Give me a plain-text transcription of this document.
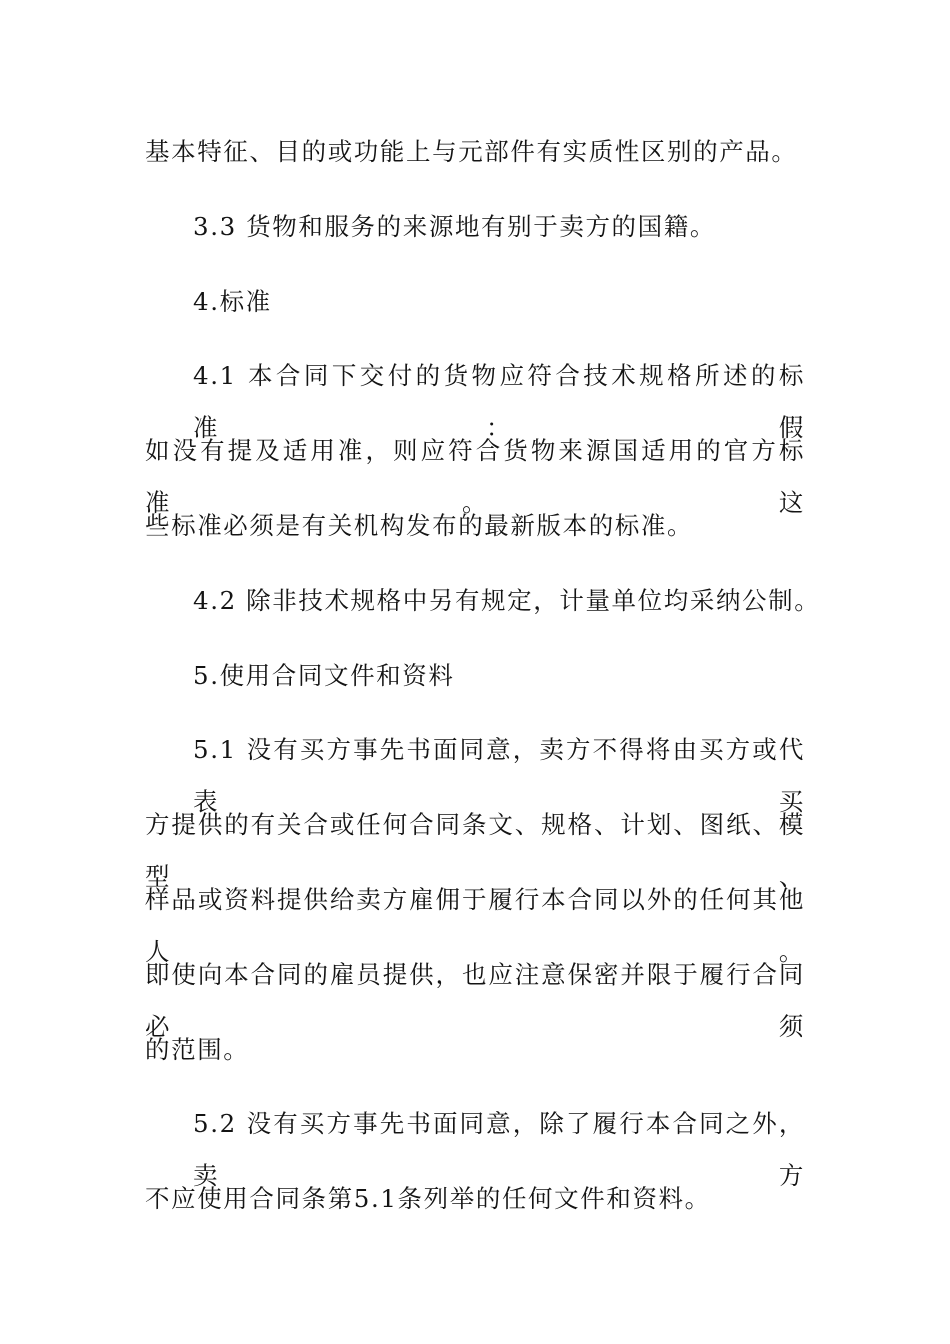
基本特征、目的或功能上与元部件有实质性区别的产品。
3.3 货物和服务的来源地有别于卖方的国籍。
4.标准
4.1 本合同下交付的货物应符合技术规格所述的标准：假
如没有提及适用准，则应符合货物来源国适用的官方标准。这
些标准必须是有关机构发布的最新版本的标准。
4.2 除非技术规格中另有规定，计量单位均采纳公制。
5.使用合同文件和资料
5.1 没有买方事先书面同意，卖方不得将由买方或代表买
方提供的有关合或任何合同条文、规格、计划、图纸、模型、
样品或资料提供给卖方雇佣于履行本合同以外的任何其他人。
即使向本合同的雇员提供，也应注意保密并限于履行合同必须
的范围。
5.2 没有买方事先书面同意，除了履行本合同之外，卖方
不应使用合同条第5.1条列举的任何文件和资料。
